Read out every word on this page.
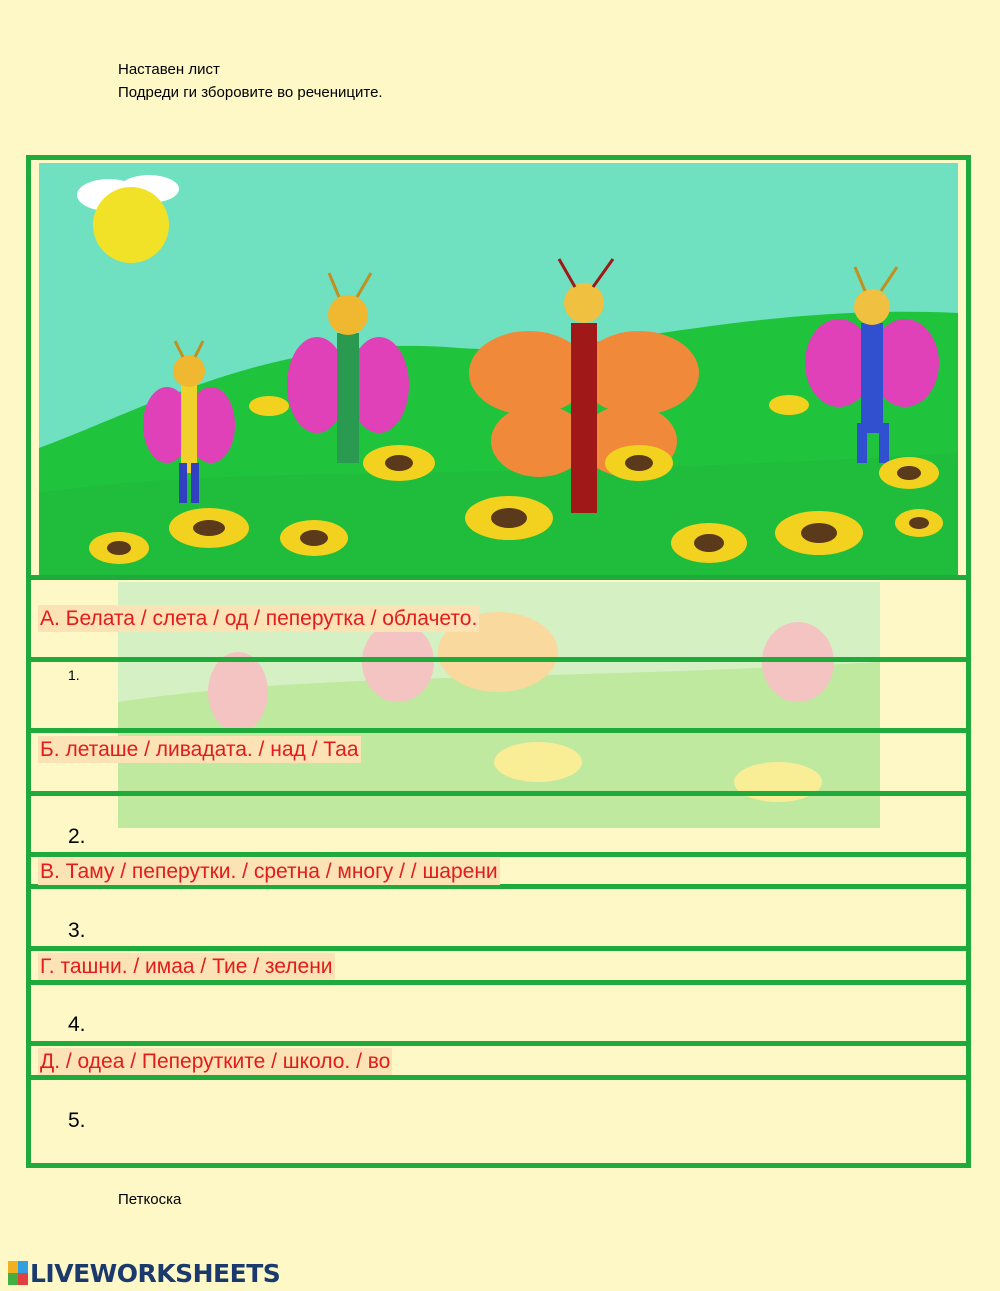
Наставен лист
Подреди ги зборовите во речениците.
А. Белата / слета / од / пеперутка / облачето.
Б. леташе / ливадата. / над / Таа
В. Таму / пеперутки. / сретна / многу / / шарени
Г. ташни. / имаа / Тие / зелени
Д. / одеа / Пеперутките / школо. / во
1.
2.
3.
4.
5.
Петкоска
LIVEWORKSHEETS
